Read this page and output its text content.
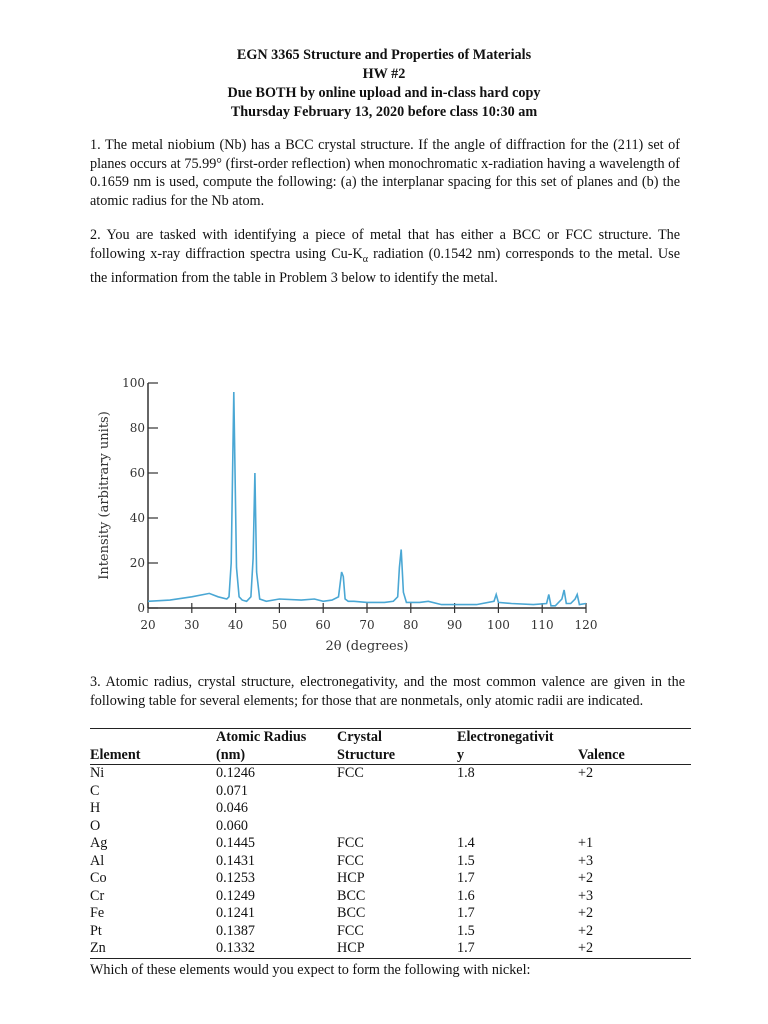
EGN 3365 Structure and Properties of Materials
HW #2
Due BOTH by online upload and in-class hard copy
Thursday February 13, 2020 before class 10:30 am
1. The metal niobium (Nb) has a BCC crystal structure. If the angle of diffraction for the (211) set of planes occurs at 75.99° (first-order reflection) when monochromatic x-radiation having a wavelength of 0.1659 nm is used, compute the following: (a) the interplanar spacing for this set of planes and (b) the atomic radius for the Nb atom.
2. You are tasked with identifying a piece of metal that has either a BCC or FCC structure. The following x-ray diffraction spectra using $Cu-K_\alpha$ radiation (0.1542 nm) corresponds to the metal. Use the information from the table in Problem 3 below to identify the metal.
20 30 40 50 60 70 80 90 100 110 120
0
20
40
60
80
100
2θ (degrees)
Intensity (arbitrary units)
3. Atomic radius, crystal structure, electronegativity, and the most common valence are given in the following table for several elements; for those that are nonmetals, only atomic radii are indicated.
	Atomic Radius	Crystal	Electronegativit	
Element	(nm)	Structure	y	Valence
Ni	0.1246	FCC	1.8	+2
C	0.071			
H	0.046			
O	0.060			
Ag	0.1445	FCC	1.4	+1
Al	0.1431	FCC	1.5	+3
Co	0.1253	HCP	1.7	+2
Cr	0.1249	BCC	1.6	+3
Fe	0.1241	BCC	1.7	+2
Pt	0.1387	FCC	1.5	+2
Zn	0.1332	HCP	1.7	+2
Which of these elements would you expect to form the following with nickel:
